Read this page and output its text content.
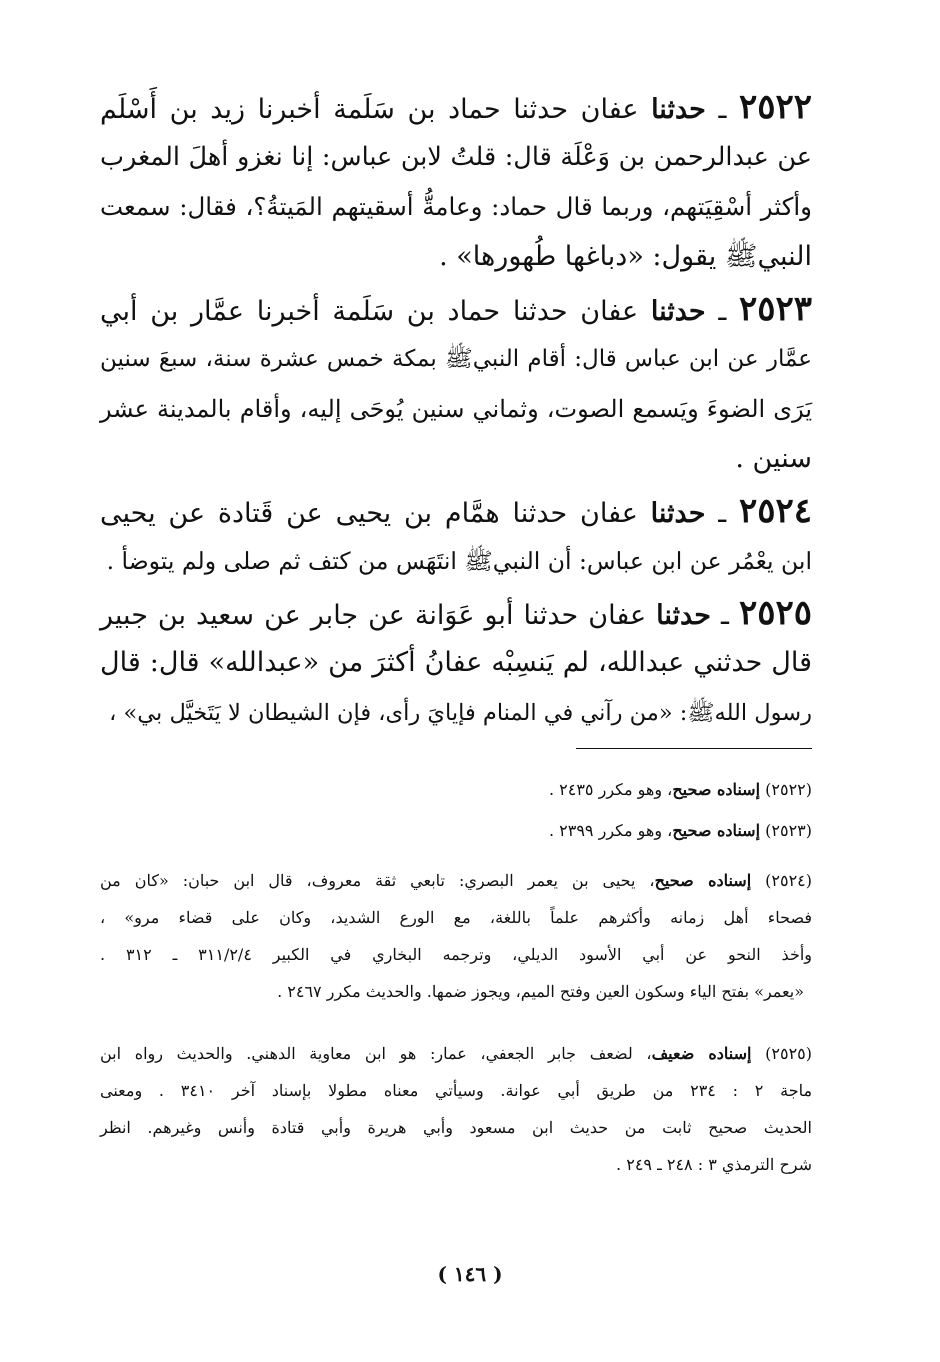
٢٥٢٢ ـ حدثنا عفان حدثنا حماد بن سَلَمة أخبرنا زيد بن أَسْلَم
عن عبدالرحمن بن وَعْلَة قال: قلتُ لابن عباس: إنا نغزو أهلَ المغرب
وأكثر أسْقِيَتهم، وربما قال حماد: وعامةُّ أسقيتهم المَيتةُ؟، فقال: سمعت
النبيﷺ يقول: «دباغها طُهورها» .
٢٥٢٣ ـ حدثنا عفان حدثنا حماد بن سَلَمة أخبرنا عمَّار بن أبي
عمَّار عن ابن عباس قال: أقام النبيﷺ بمكة خمس عشرة سنة، سبعَ سنين
يَرَى الضوءَ ويَسمع الصوت، وثماني سنين يُوحَى إليه، وأقام بالمدينة عشر
سنين .
٢٥٢٤ ـ حدثنا عفان حدثنا همَّام بن يحيى عن قَتادة عن يحيى
ابن يعْمُر عن ابن عباس: أن النبيﷺ انتَهَس من كتف ثم صلى ولم يتوضأ .
٢٥٢٥ ـ حدثنا عفان حدثنا أبو عَوَانة عن جابر عن سعيد بن جبير
قال حدثني عبدالله، لم يَنسِبْه عفانُ أكثرَ من «عبدالله» قال: قال
رسول اللهﷺ: «من رآني في المنام فإيايَ رأى، فإن الشيطان لا يَتَخيَّل بي» ،
(٢٥٢٢) إسناده صحيح، وهو مكرر ٢٤٣٥ .
(٢٥٢٣) إسناده صحيح، وهو مكرر ٢٣٩٩ .
(٢٥٢٤) إسناده صحيح، يحيى بن يعمر البصري: تابعي ثقة معروف، قال ابن حبان: «كان من
فصحاء أهل زمانه وأكثرهم علماً باللغة، مع الورع الشديد، وكان على قضاء مرو» ،
وأخذ النحو عن أبي الأسود الديلي، وترجمه البخاري في الكبير ٣١١/٢/٤ ـ ٣١٢ .
«يعمر» بفتح الياء وسكون العين وفتح الميم، ويجوز ضمها. والحديث مكرر ٢٤٦٧ .
(٢٥٢٥) إسناده ضعيف، لضعف جابر الجعفي، عمار: هو ابن معاوية الدهني. والحديث رواه ابن
ماجة ٢ : ٢٣٤ من طريق أبي عوانة. وسيأتي معناه مطولا بإسناد آخر ٣٤١٠ . ومعنى
الحديث صحيح ثابت من حديث ابن مسعود وأبي هريرة وأبي قتادة وأنس وغيرهم. انظر
شرح الترمذي ٣ : ٢٤٨ ـ ٢٤٩ .
( ١٤٦ )
